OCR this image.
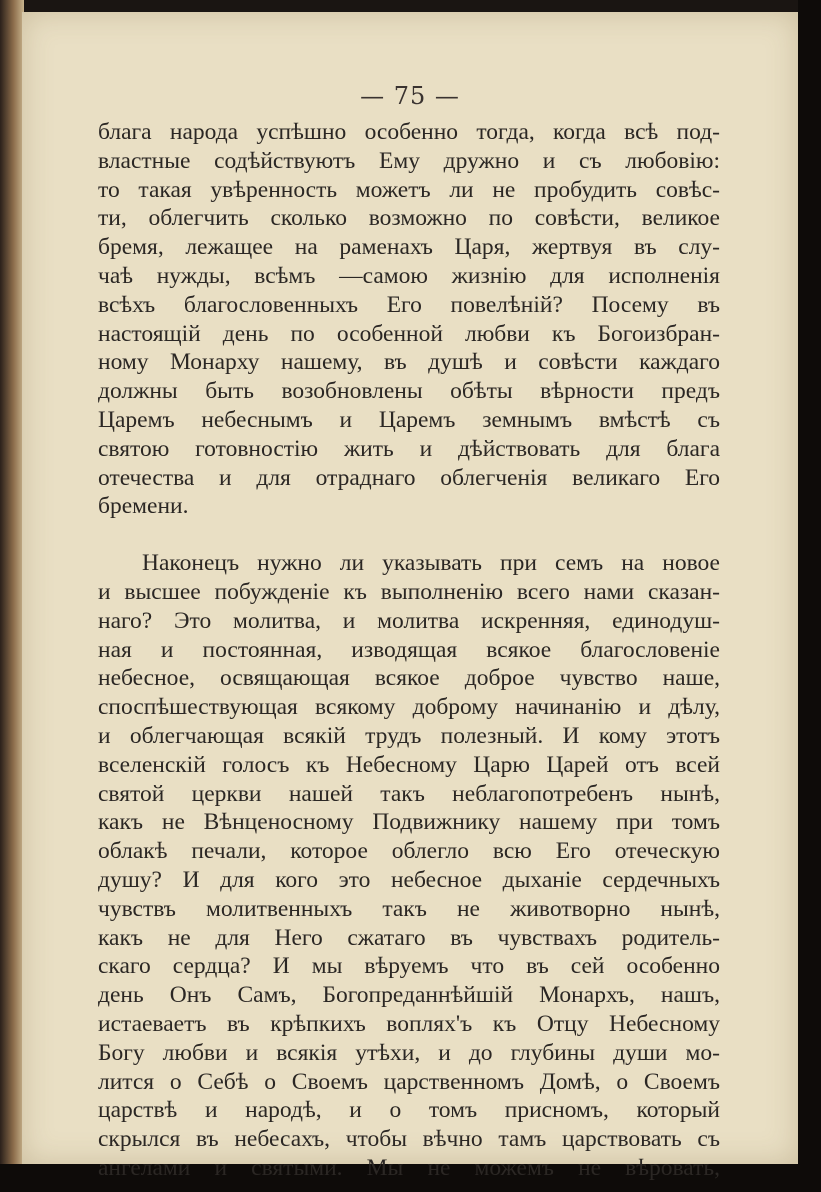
— 75 —
блага народа успѣшно особенно тогда, когда всѣ под-
властные содѣйствуютъ Ему дружно и съ любовію:
то такая увѣренность можетъ ли не пробудить совѣс-
ти, облегчить сколько возможно по совѣсти, великое
бремя, лежащее на раменахъ Царя, жертвуя въ слу-
чаѣ нужды, всѣмъ —самою жизнію для исполненія
всѣхъ благословенныхъ Его повелѣній? Посему въ
настоящій день по особенной любви къ Богоизбран-
ному Монарху нашему, въ душѣ и совѣсти каждаго
должны быть возобновлены обѣты вѣрности предъ
Царемъ небеснымъ и Царемъ земнымъ вмѣстѣ съ
святою готовностію жить и дѣйствовать для блага
отечества и для отраднаго облегченія великаго Его
бремени.
Наконецъ нужно ли указывать при семъ на новое
и высшее побужденіе къ выполненію всего нами сказан-
наго? Это молитва, и молитва искренняя, единодуш-
ная и постоянная, изводящая всякое благословеніе
небесное, освящающая всякое доброе чувство наше,
споспѣшествующая всякому доброму начинанію и дѣлу,
и облегчающая всякій трудъ полезный. И кому этотъ
вселенскій голосъ къ Небесному Царю Царей отъ всей
святой церкви нашей такъ неблагопотребенъ нынѣ,
какъ не Вѣнценосному Подвижнику нашему при томъ
облакѣ печали, которое облегло всю Его отеческую
душу? И для кого это небесное дыханіе сердечныхъ
чувствъ молитвенныхъ такъ не животворно нынѣ,
какъ не для Него сжатаго въ чувствахъ родитель-
скаго сердца? И мы вѣруемъ что въ сей особенно
день Онъ Самъ, Богопреданнѣйшій Монархъ, нашъ,
истаеваетъ въ крѣпкихъ воплях'ъ къ Отцу Небесному
Богу любви и всякія утѣхи, и до глубины души мо-
лится о Себѣ о Своемъ царственномъ Домѣ, о Своемъ
царствѣ и народѣ, и о томъ присномъ, который
скрылся въ небесахъ, чтобы вѣчно тамъ царствовать съ
ангелами и святыми. Мы не можемъ не вѣровать,
